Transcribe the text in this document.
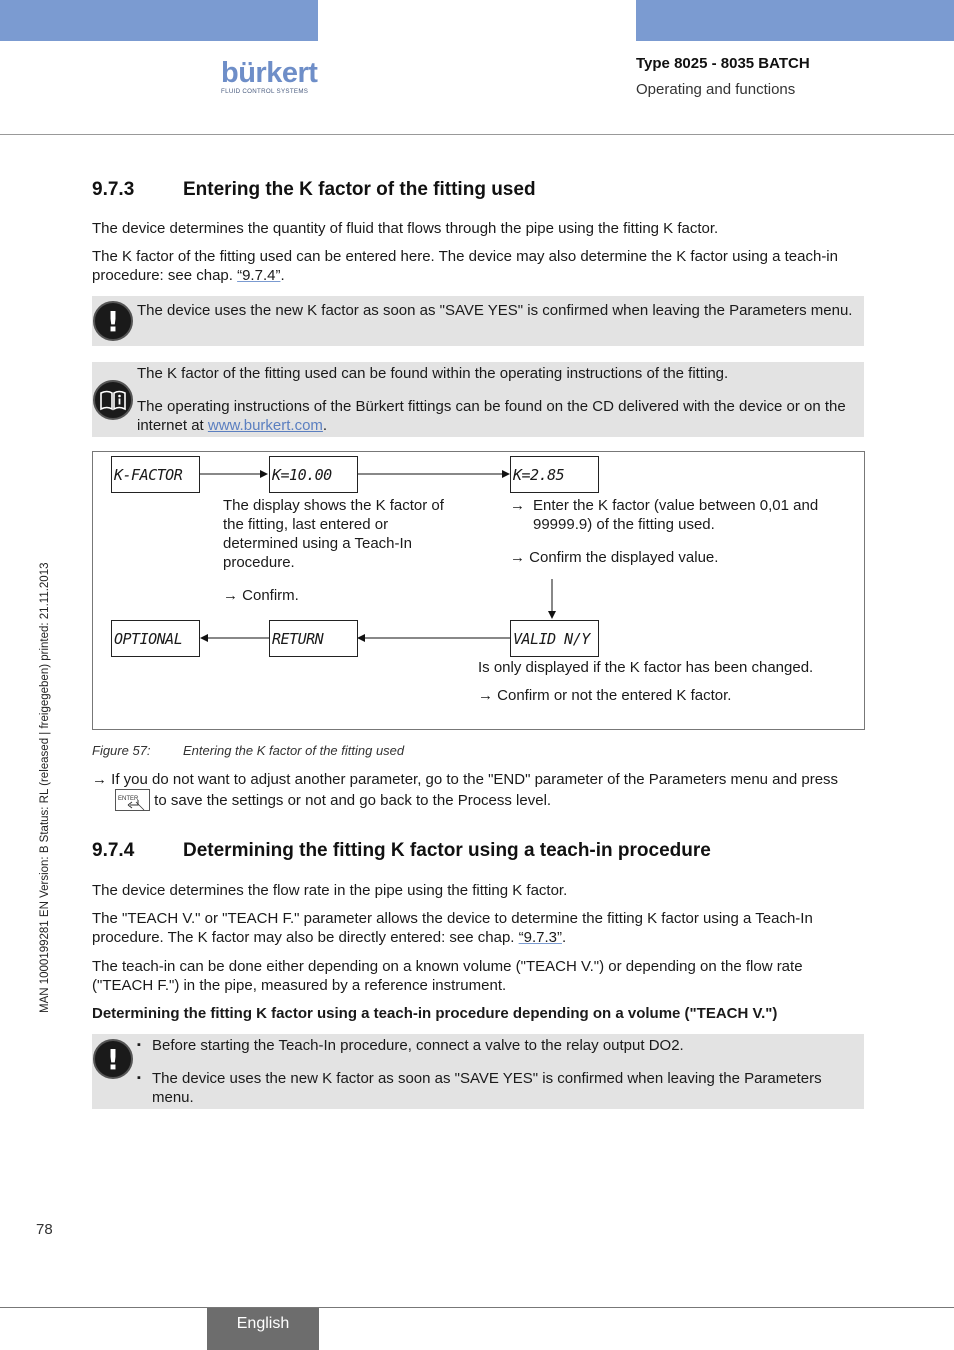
bürkert
FLUID CONTROL SYSTEMS
Type 8025 - 8035 BATCH
Operating and functions
MAN 1000199281 EN Version: B Status: RL (released | freigegeben) printed: 21.11.2013
9.7.3	Entering the K factor of the fitting used

The device determines the quantity of fluid that flows through the pipe using the fitting K factor.

The K factor of the fitting used can be entered here. The device may also determine the K factor using a teach-in procedure: see chap. “9.7.4”.

!
The device uses the new K factor as soon as "SAVE YES" is confirmed when leaving the Parameters menu.
The K factor of the fitting used can be found within the operating instructions of the fitting.
The operating instructions of the Bürkert fittings can be found on the CD delivered with the device or on the internet at www.burkert.com.
K-FACTOR	K=10.00	K=2.85
OPTIONAL	RETURN	VALID N/Y
The display shows the K factor of the fitting, last entered or determined using a Teach-In procedure.
→ Confirm.
→ Enter the K factor (value between 0,01 and 99999.9) of the fitting used.
→ Confirm the displayed value.
Is only displayed if the K factor has been changed.
→ Confirm or not the entered K factor.
Figure 57: Entering the K factor of the fitting used

→ If you do not want to adjust another parameter, go to the "END" parameter of the Parameters menu and press

ENTER to save the settings or not and go back to the Process level.

9.7.4	Determining the fitting K factor using a teach-in procedure

The device determines the flow rate in the pipe using the fitting K factor.

The "TEACH V." or "TEACH F." parameter allows the device to determine the fitting K factor using a Teach-In procedure. The K factor may also be directly entered: see chap. “9.7.3”.

The teach-in can be done either depending on a known volume ("TEACH V.") or depending on the flow rate ("TEACH F.") in the pipe, measured by a reference instrument.

Determining the fitting K factor using a teach-in procedure depending on a volume ("TEACH V.")

!
▪ Before starting the Teach-In procedure, connect a valve to the relay output DO2.
▪ The device uses the new K factor as soon as "SAVE YES" is confirmed when leaving the Parameters menu.
78
English
